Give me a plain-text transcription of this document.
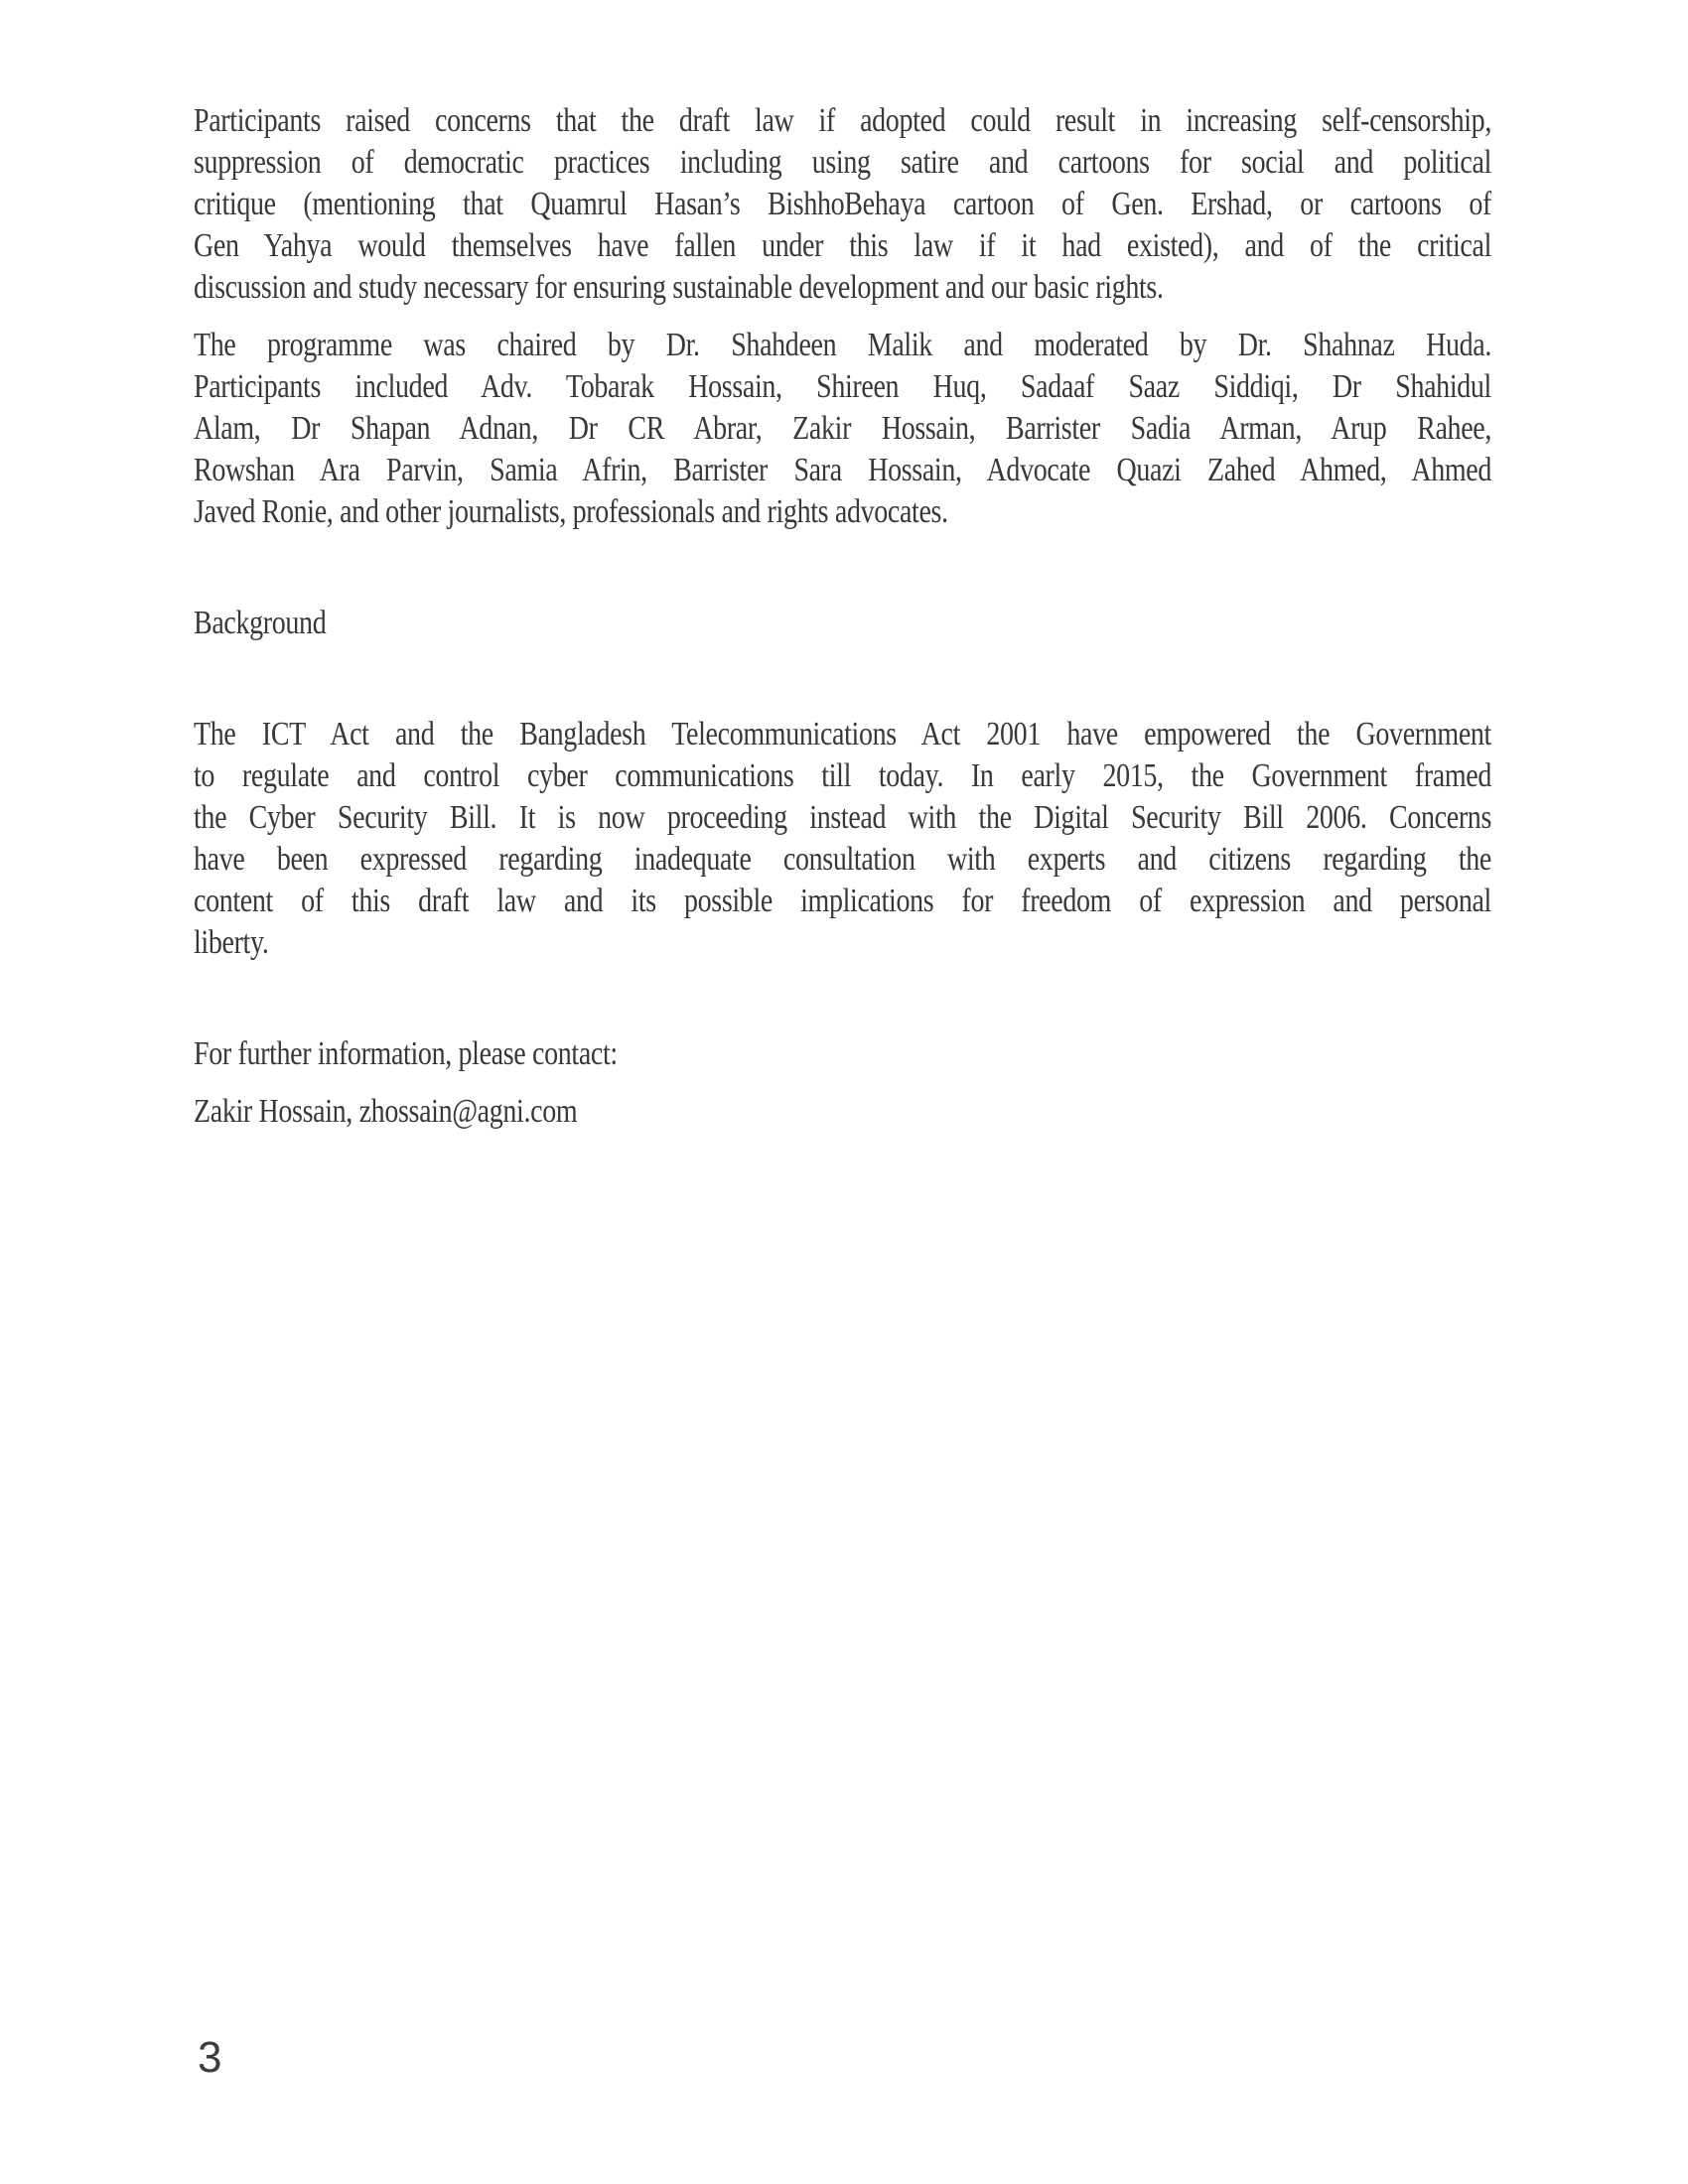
Participants raised concerns that the draft law if adopted could result in increasing self-censorship,
suppression of democratic practices including using satire and cartoons for social and political
critique (mentioning that Quamrul Hasan’s BishhoBehaya cartoon of Gen. Ershad, or cartoons of
Gen Yahya would themselves have fallen under this law if it had existed), and of the critical
discussion and study necessary for ensuring sustainable development and our basic rights.
The programme was chaired by Dr. Shahdeen Malik and moderated by Dr. Shahnaz Huda.
Participants included Adv. Tobarak Hossain, Shireen Huq, Sadaaf Saaz Siddiqi, Dr Shahidul
Alam, Dr Shapan Adnan, Dr CR Abrar, Zakir Hossain, Barrister Sadia Arman, Arup Rahee,
Rowshan Ara Parvin, Samia Afrin, Barrister Sara Hossain, Advocate Quazi Zahed Ahmed, Ahmed
Javed Ronie, and other journalists, professionals and rights advocates.
Background
The ICT Act and the Bangladesh Telecommunications Act 2001 have empowered the Government
to regulate and control cyber communications till today. In early 2015, the Government framed
the Cyber Security Bill. It is now proceeding instead with the Digital Security Bill 2006. Concerns
have been expressed regarding inadequate consultation with experts and citizens regarding the
content of this draft law and its possible implications for freedom of expression and personal
liberty.
For further information, please contact:
Zakir Hossain, zhossain@agni.com
3
